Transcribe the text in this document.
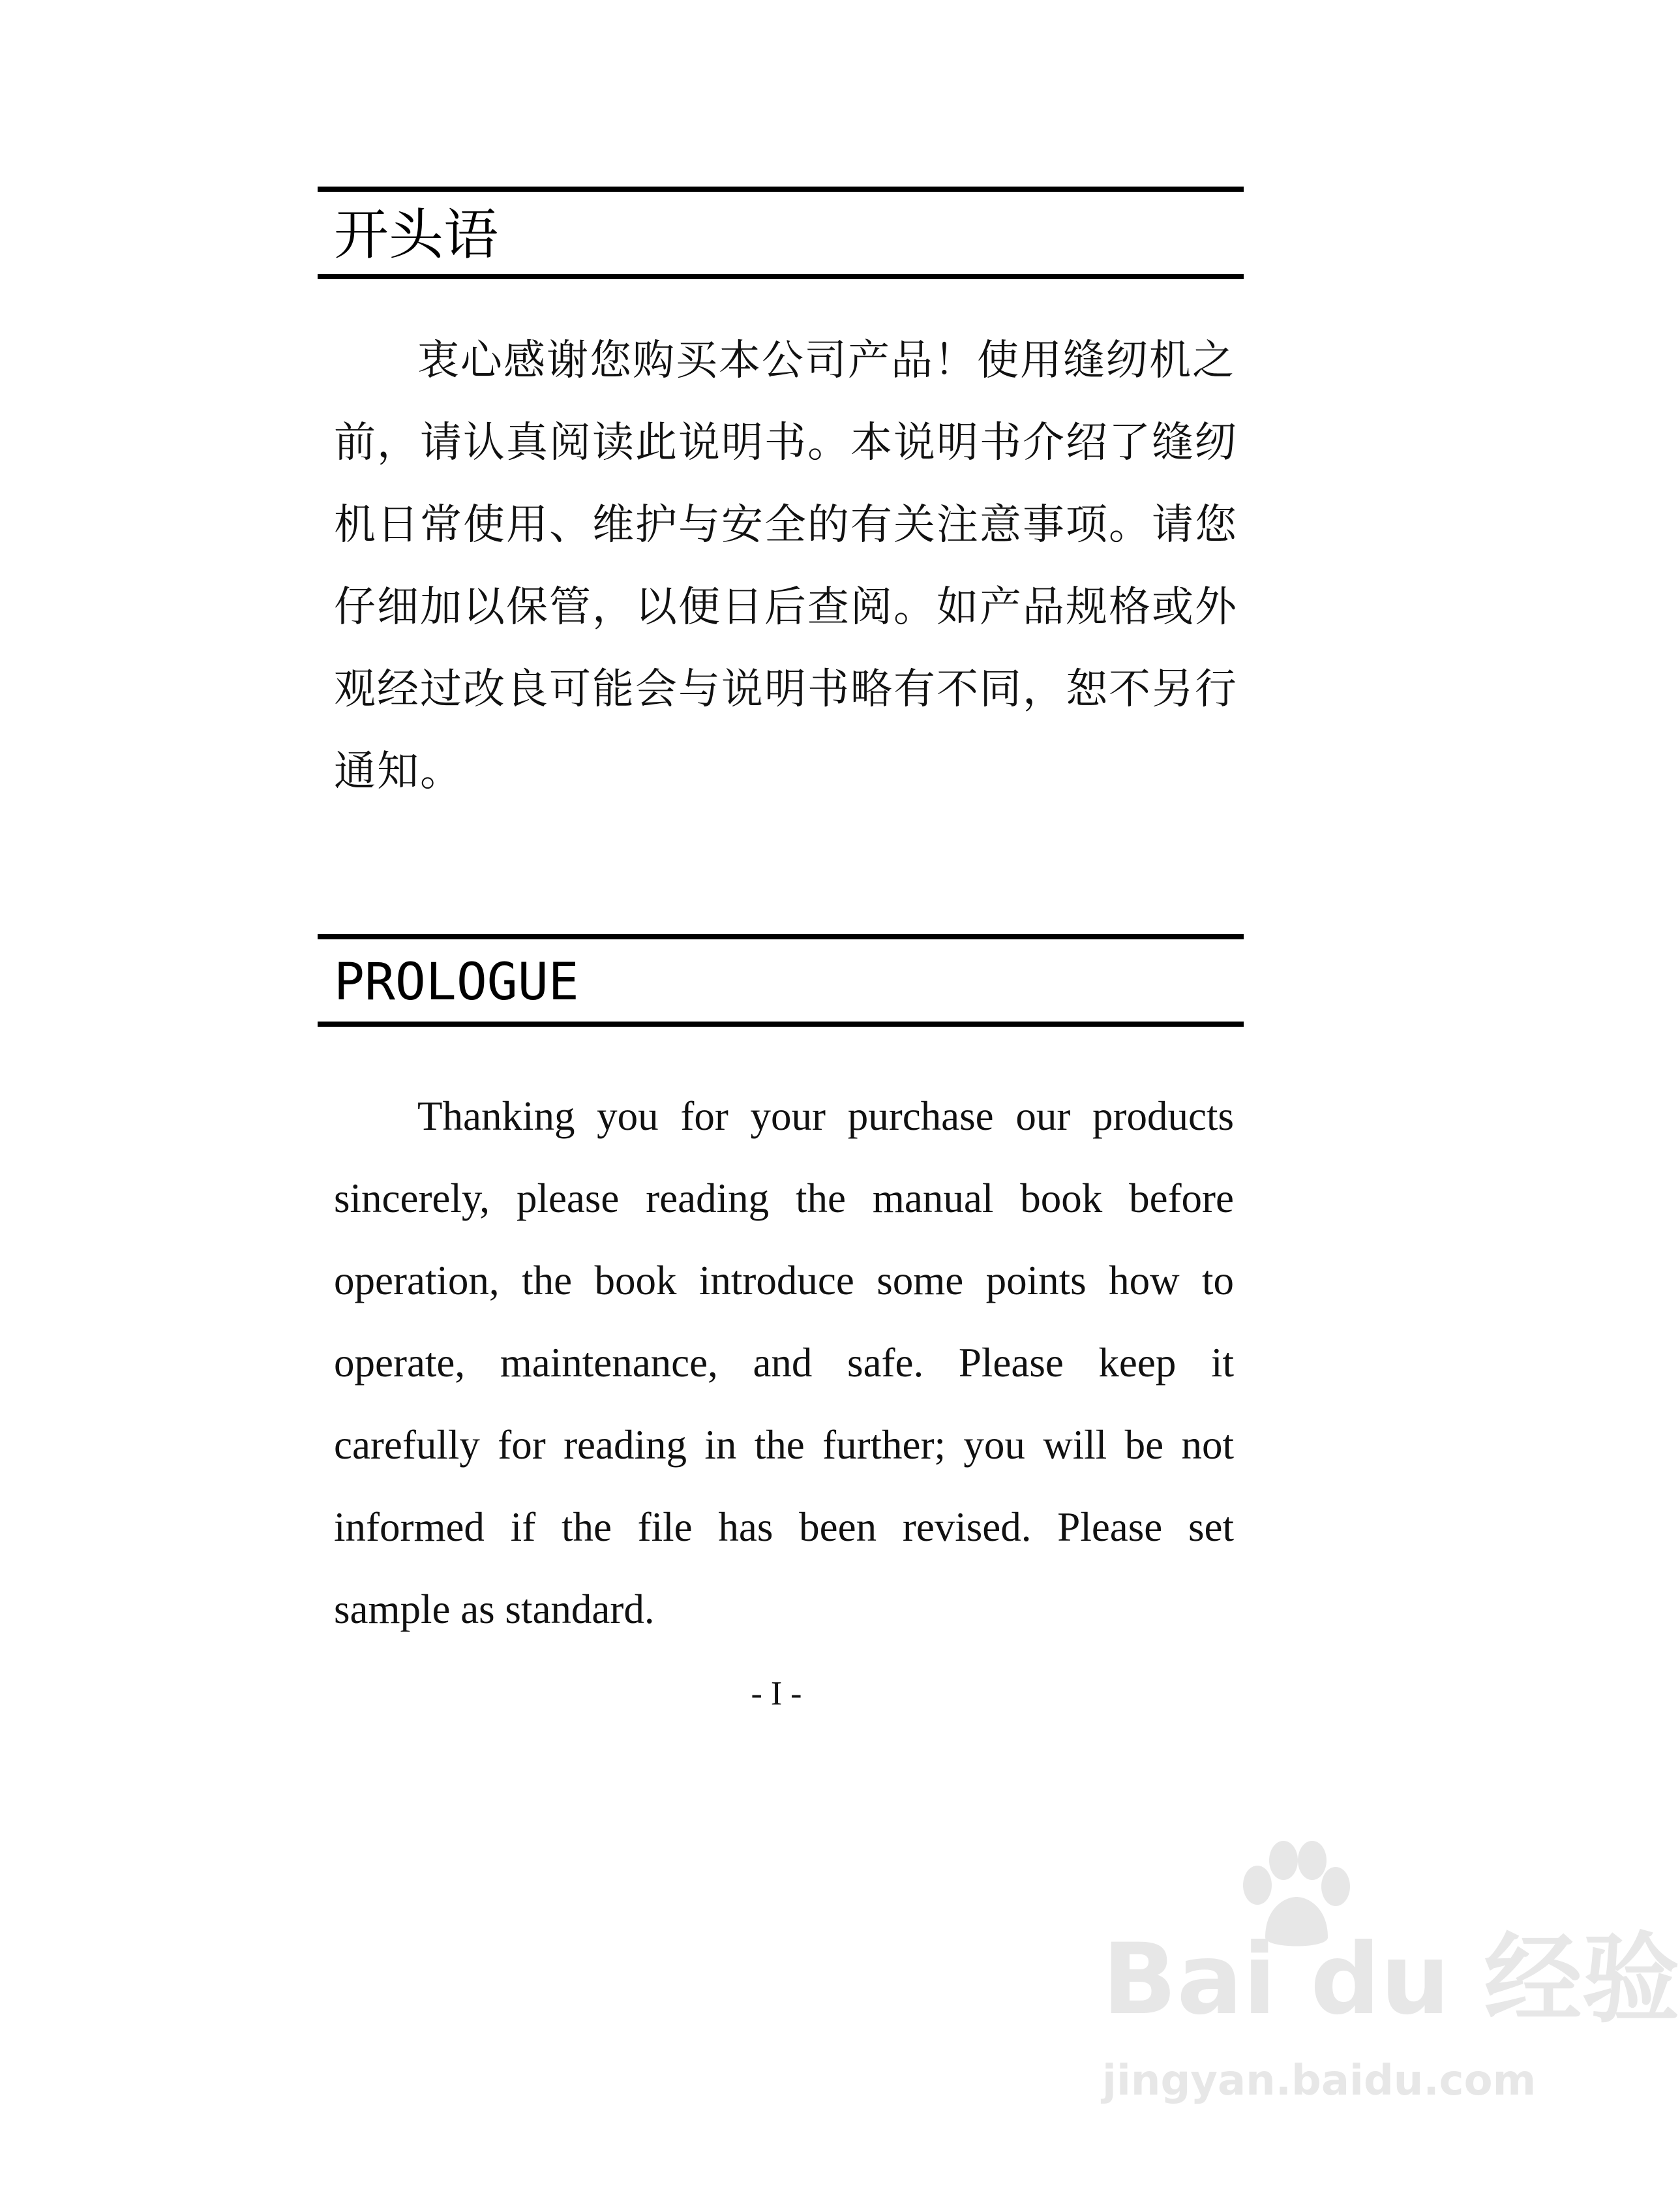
开头语
衷心感谢您购买本公司产品！使用缝纫机之
前，请认真阅读此说明书。本说明书介绍了缝纫
机日常使用、维护与安全的有关注意事项。请您
仔细加以保管，以便日后查阅。如产品规格或外
观经过改良可能会与说明书略有不同，恕不另行
通知。
PROLOGUE
Thanking you for your purchase our products
sincerely, please reading the manual book before
operation, the book introduce some points how to
operate, maintenance, and safe. Please keep it
carefully for reading in the further; you will be not
informed if the file has been revised. Please set
sample as standard.
- I -
Bai du 经验
jingyan.baidu.com
